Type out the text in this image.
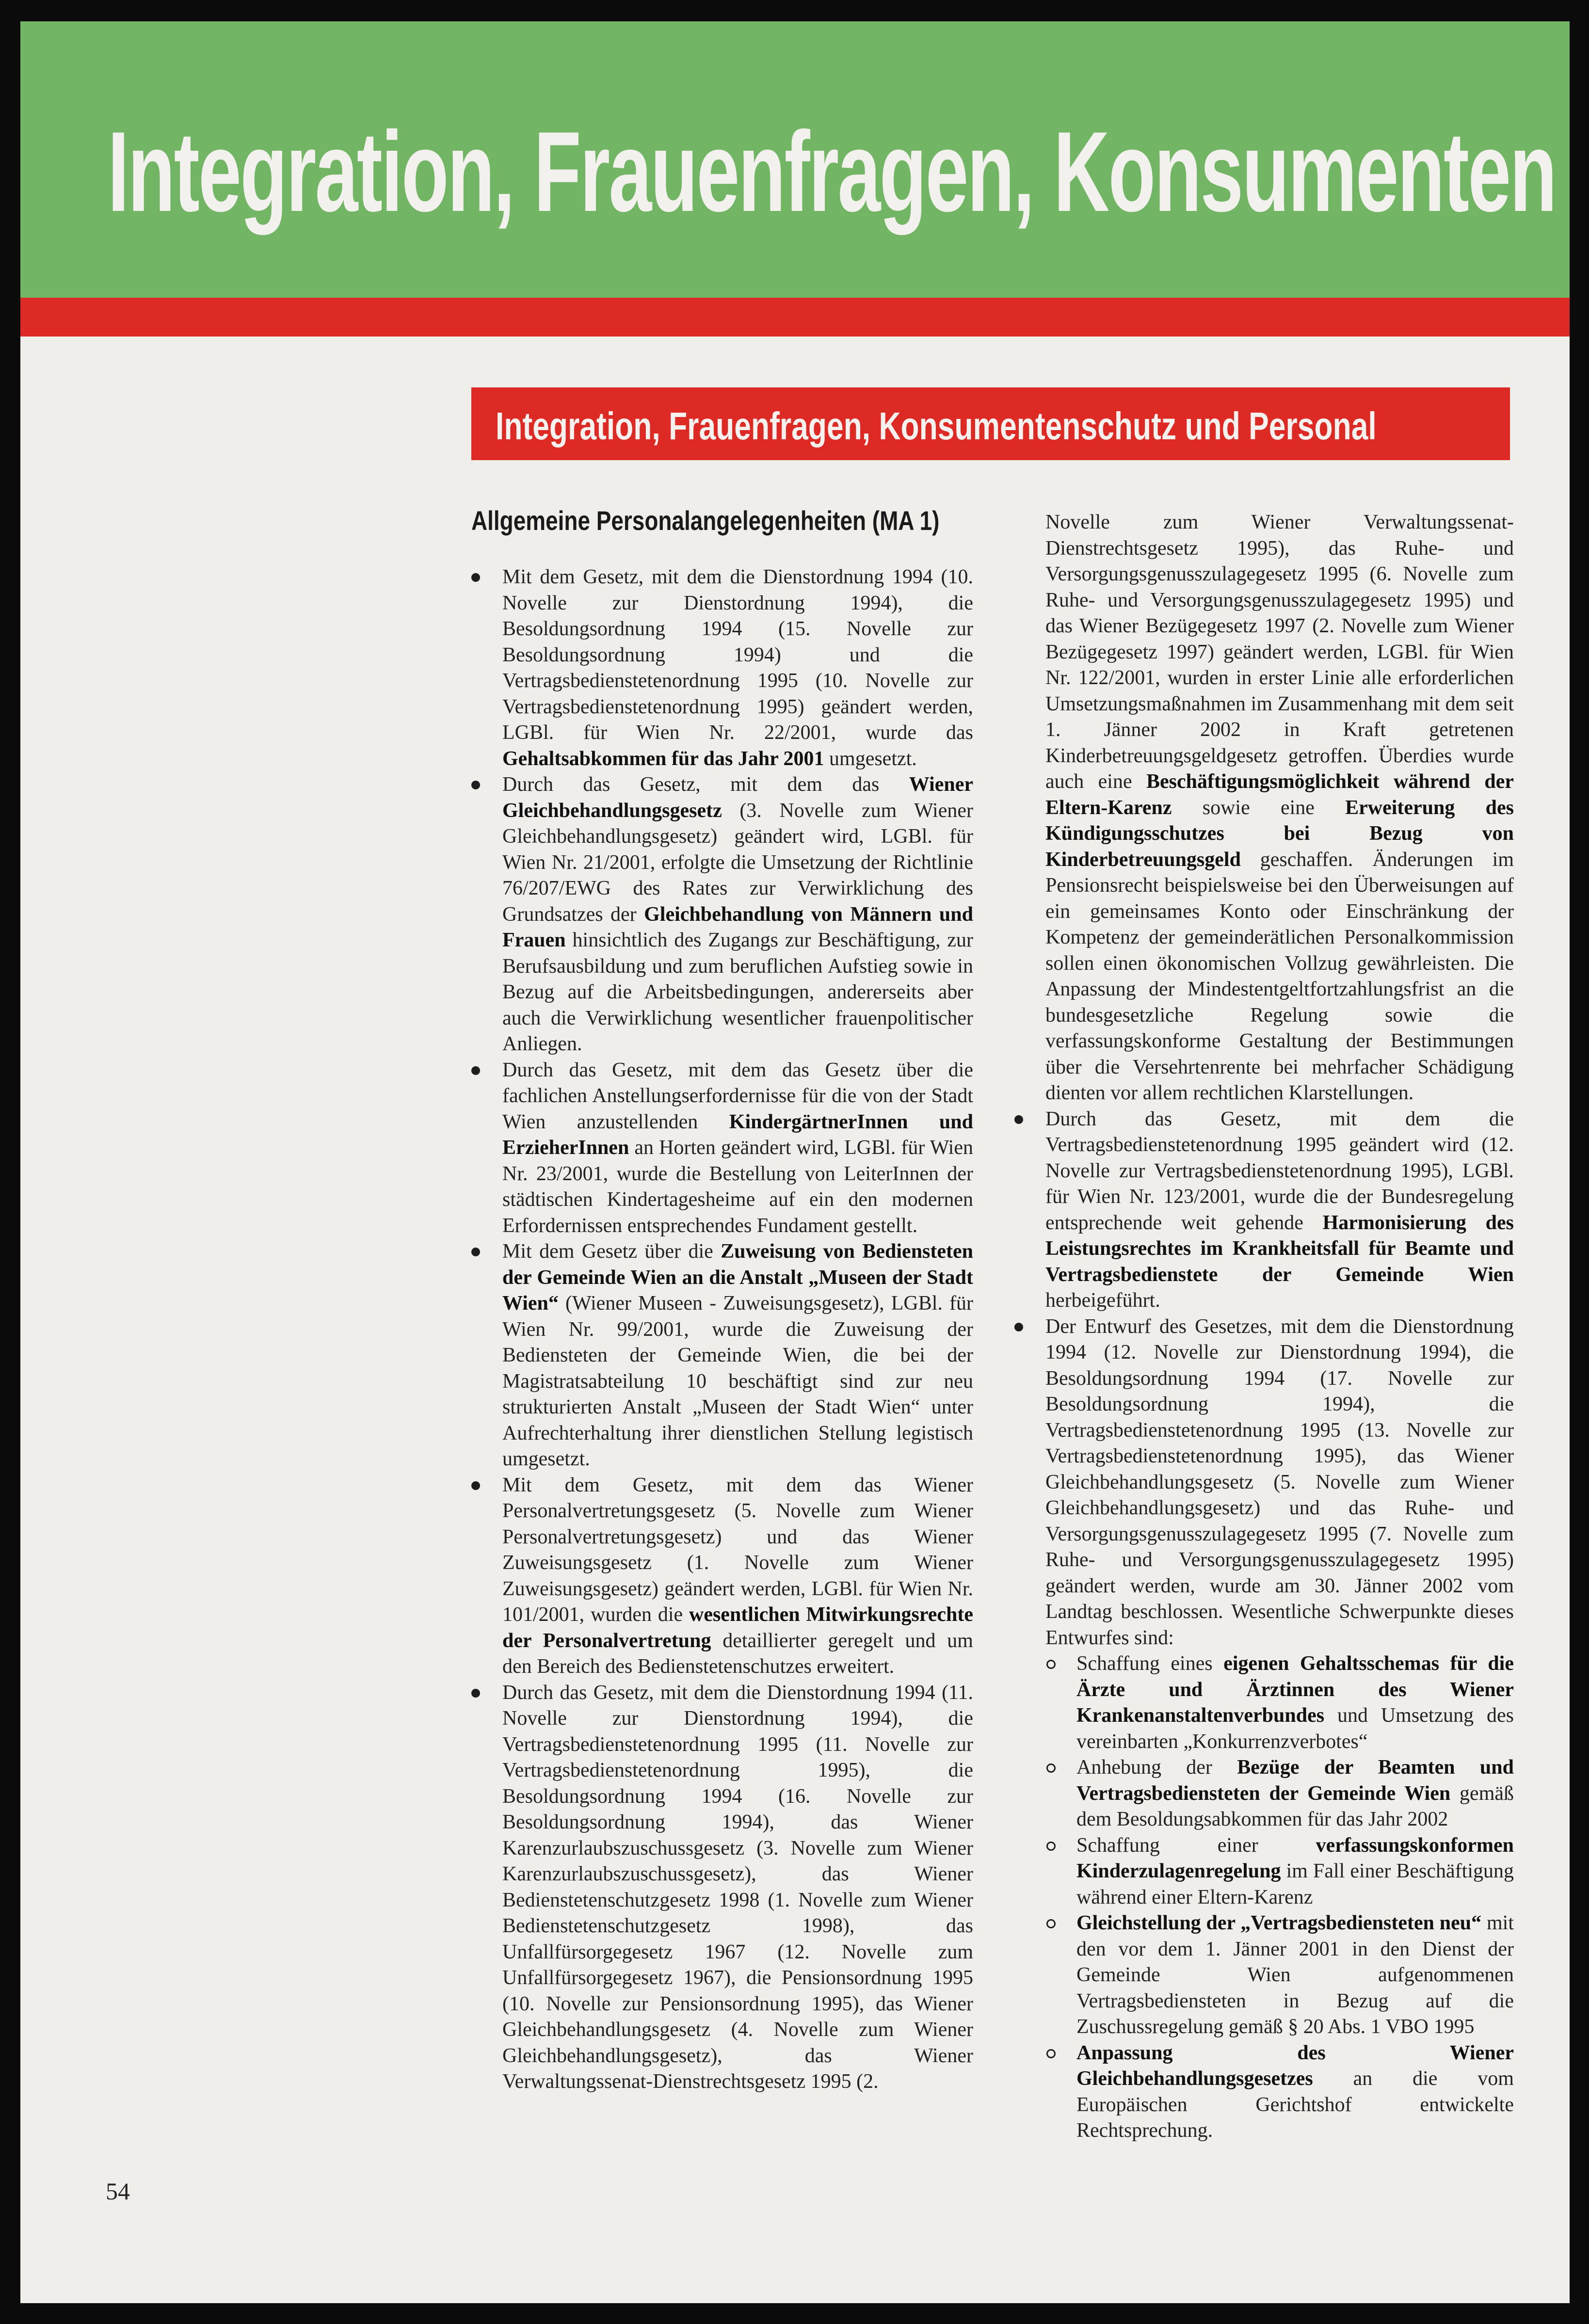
Integration, Frauenfragen, Konsumenten
Integration, Frauenfragen, Konsumentenschutz und Personal
Allgemeine Personalangelegenheiten (MA 1)
Mit dem Gesetz, mit dem die Dienstordnung 1994 (10. Novelle zur Dienstordnung 1994), die Besoldungsordnung 1994 (15. Novelle zur Besoldungsordnung 1994) und die Vertragsbedienstetenordnung 1995 (10. Novelle zur Vertragsbedienstetenordnung 1995) geändert werden, LGBl. für Wien Nr. 22/2001, wurde das Gehaltsabkommen für das Jahr 2001 umgesetzt.
Durch das Gesetz, mit dem das Wiener Gleichbehandlungsgesetz (3. Novelle zum Wiener Gleichbehandlungsgesetz) geändert wird, LGBl. für Wien Nr. 21/2001, erfolgte die Umsetzung der Richtlinie 76/207/EWG des Rates zur Verwirklichung des Grundsatzes der Gleichbehandlung von Männern und Frauen hinsichtlich des Zugangs zur Beschäftigung, zur Berufsausbildung und zum beruflichen Aufstieg sowie in Bezug auf die Arbeitsbedingungen, andererseits aber auch die Verwirklichung wesentlicher frauenpolitischer Anliegen.
Durch das Gesetz, mit dem das Gesetz über die fachlichen Anstellungserfordernisse für die von der Stadt Wien anzustellenden KindergärtnerInnen und ErzieherInnen an Horten geändert wird, LGBl. für Wien Nr. 23/2001, wurde die Bestellung von LeiterInnen der städtischen Kindertagesheime auf ein den modernen Erfordernissen entsprechendes Fundament gestellt.
Mit dem Gesetz über die Zuweisung von Bediensteten der Gemeinde Wien an die Anstalt „Museen der Stadt Wien“ (Wiener Museen - Zuweisungsgesetz), LGBl. für Wien Nr. 99/2001, wurde die Zuweisung der Bediensteten der Gemeinde Wien, die bei der Magistratsabteilung 10 beschäftigt sind zur neu strukturierten Anstalt „Museen der Stadt Wien“ unter Aufrechterhaltung ihrer dienstlichen Stellung legistisch umgesetzt.
Mit dem Gesetz, mit dem das Wiener Personalvertretungsgesetz (5. Novelle zum Wiener Personalvertretungsgesetz) und das Wiener Zuweisungsgesetz (1. Novelle zum Wiener Zuweisungsgesetz) geändert werden, LGBl. für Wien Nr. 101/2001, wurden die wesentlichen Mitwirkungsrechte der Personalvertretung detaillierter geregelt und um den Bereich des Bedienstetenschutzes erweitert.
Durch das Gesetz, mit dem die Dienstordnung 1994 (11. Novelle zur Dienstordnung 1994), die Vertragsbedienstetenordnung 1995 (11. Novelle zur Vertragsbedienstetenordnung 1995), die Besoldungsordnung 1994 (16. Novelle zur Besoldungsordnung 1994), das Wiener Karenzurlaubszuschussgesetz (3. Novelle zum Wiener Karenzurlaubszuschussgesetz), das Wiener Bedienstetenschutzgesetz 1998 (1. Novelle zum Wiener Bedienstetenschutzgesetz 1998), das Unfallfürsorgegesetz 1967 (12. Novelle zum Unfallfürsorgegesetz 1967), die Pensionsordnung 1995 (10. Novelle zur Pensionsordnung 1995), das Wiener Gleichbehandlungsgesetz (4. Novelle zum Wiener Gleichbehandlungsgesetz), das Wiener Verwaltungssenat-Dienstrechtsgesetz 1995 (2.

Novelle zum Wiener Verwaltungssenat-Dienstrechtsgesetz 1995), das Ruhe- und Versorgungsgenusszulagegesetz 1995 (6. Novelle zum Ruhe- und Versorgungsgenusszulagegesetz 1995) und das Wiener Bezügegesetz 1997 (2. Novelle zum Wiener Bezügegesetz 1997) geändert werden, LGBl. für Wien Nr. 122/2001, wurden in erster Linie alle erforderlichen Umsetzungsmaßnahmen im Zusammenhang mit dem seit 1. Jänner 2002 in Kraft getretenen Kinderbetreuungsgeldgesetz getroffen. Überdies wurde auch eine Beschäftigungsmöglichkeit während der Eltern-Karenz sowie eine Erweiterung des Kündigungsschutzes bei Bezug von Kinderbetreuungsgeld geschaffen. Änderungen im Pensionsrecht beispielsweise bei den Überweisungen auf ein gemeinsames Konto oder Einschränkung der Kompetenz der gemeinderätlichen Personalkommission sollen einen ökonomischen Vollzug gewährleisten. Die Anpassung der Mindestentgeltfortzahlungsfrist an die bundesgesetzliche Regelung sowie die verfassungskonforme Gestaltung der Bestimmungen über die Versehrtenrente bei mehrfacher Schädigung dienten vor allem rechtlichen Klarstellungen.

Durch das Gesetz, mit dem die Vertragsbedienstetenordnung 1995 geändert wird (12. Novelle zur Vertragsbedienstetenordnung 1995), LGBl. für Wien Nr. 123/2001, wurde die der Bundesregelung entsprechende weit gehende Harmonisierung des Leistungsrechtes im Krankheitsfall für Beamte und Vertragsbedienstete der Gemeinde Wien herbeigeführt.
Der Entwurf des Gesetzes, mit dem die Dienstordnung 1994 (12. Novelle zur Dienstordnung 1994), die Besoldungsordnung 1994 (17. Novelle zur Besoldungsordnung 1994), die Vertragsbedienstetenordnung 1995 (13. Novelle zur Vertragsbedienstetenordnung 1995), das Wiener Gleichbehandlungsgesetz (5. Novelle zum Wiener Gleichbehandlungsgesetz) und das Ruhe- und Versorgungsgenusszulagegesetz 1995 (7. Novelle zum Ruhe- und Versorgungsgenusszulagegesetz 1995) geändert werden, wurde am 30. Jänner 2002 vom Landtag beschlossen. Wesentliche Schwerpunkte dieses Entwurfes sind:
Schaffung eines eigenen Gehaltsschemas für die Ärzte und Ärztinnen des Wiener Krankenanstaltenverbundes und Umsetzung des vereinbarten „Konkurrenzverbotes“
Anhebung der Bezüge der Beamten und Vertragsbediensteten der Gemeinde Wien gemäß dem Besoldungsabkommen für das Jahr 2002
Schaffung einer verfassungskonformen Kinderzulagenregelung im Fall einer Beschäftigung während einer Eltern-Karenz
Gleichstellung der „Vertragsbediensteten neu“ mit den vor dem 1. Jänner 2001 in den Dienst der Gemeinde Wien aufgenommenen Vertragsbediensteten in Bezug auf die Zuschussregelung gemäß § 20 Abs. 1 VBO 1995
Anpassung des Wiener Gleichbehandlungsgesetzes an die vom Europäischen Gerichtshof entwickelte Rechtsprechung.
54
